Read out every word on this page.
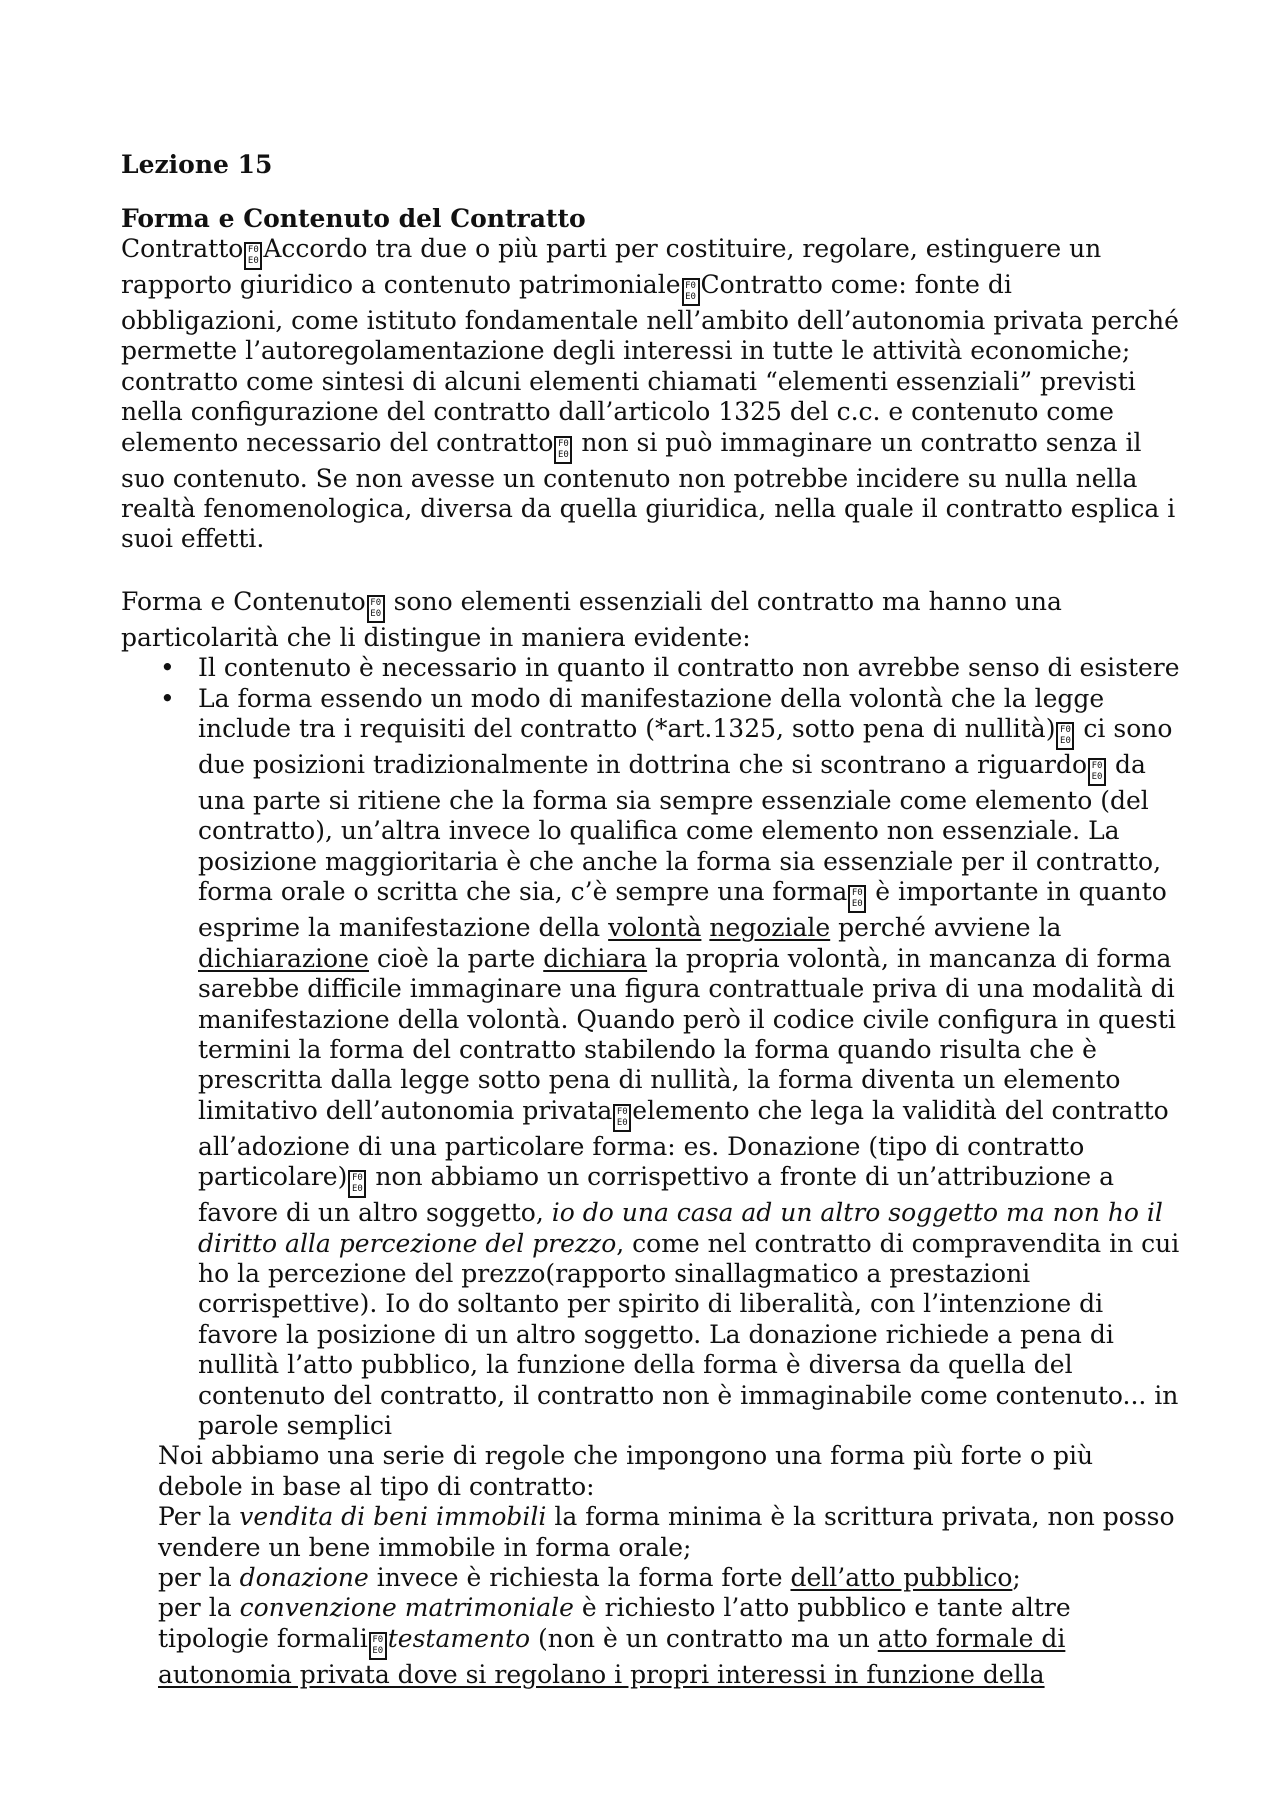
Lezione 15

Forma e Contenuto del Contratto

Contratto F0
E0 Accordo tra due o più parti per costituire, regolare, estinguere un rapporto giuridico a contenuto patrimoniale F0
E0 Contratto come: fonte di obbligazioni, come istituto fondamentale nell’ambito dell’autonomia privata perché permette l’autoregolamentazione degli interessi in tutte le attività economiche; contratto come sintesi di alcuni elementi chiamati “elementi essenziali” previsti nella configurazione del contratto dall’articolo 1325 del c.c. e contenuto come elemento necessario del contratto F0
E0 non si può immaginare un contratto senza il suo contenuto. Se non avesse un contenuto non potrebbe incidere su nulla nella realtà fenomenologica, diversa da quella giuridica, nella quale il contratto esplica i suoi effetti.

Forma e Contenuto F0
E0 sono elementi essenziali del contratto ma hanno una particolarità che li distingue in maniera evidente:

• Il contenuto è necessario in quanto il contratto non avrebbe senso di esistere
• La forma essendo un modo di manifestazione della volontà che la legge include tra i requisiti del contratto (*art.1325, sotto pena di nullità) F0
E0 ci sono due posizioni tradizionalmente in dottrina che si scontrano a riguardo F0
E0 da una parte si ritiene che la forma sia sempre essenziale come elemento (del contratto), un’altra invece lo qualifica come elemento non essenziale. La posizione maggioritaria è che anche la forma sia essenziale per il contratto, forma orale o scritta che sia, c’è sempre una forma F0
E0 è importante in quanto esprime la manifestazione della volontà negoziale perché avviene la dichiarazione cioè la parte dichiara la propria volontà, in mancanza di forma sarebbe difficile immaginare una figura contrattuale priva di una modalità di manifestazione della volontà. Quando però il codice civile configura in questi termini la forma del contratto stabilendo la forma quando risulta che è prescritta dalla legge sotto pena di nullità, la forma diventa un elemento limitativo dell’autonomia privata F0
E0 elemento che lega la validità del contratto all’adozione di una particolare forma: es. Donazione (tipo di contratto particolare) F0
E0 non abbiamo un corrispettivo a fronte di un’attribuzione a favore di un altro soggetto, io do una casa ad un altro soggetto ma non ho il diritto alla percezione del prezzo, come nel contratto di compravendita in cui ho la percezione del prezzo(rapporto sinallagmatico a prestazioni corrispettive). Io do soltanto per spirito di liberalità, con l’intenzione di favore la posizione di un altro soggetto. La donazione richiede a pena di nullità l’atto pubblico, la funzione della forma è diversa da quella del contenuto del contratto, il contratto non è immaginabile come contenuto... in parole semplici

Noi abbiamo una serie di regole che impongono una forma più forte o più debole in base al tipo di contratto:

Per la vendita di beni immobili la forma minima è la scrittura privata, non posso vendere un bene immobile in forma orale;

per la donazione invece è richiesta la forma forte dell’atto pubblico;

per la convenzione matrimoniale è richiesto l’atto pubblico e tante altre tipologie formali F0
E0 testamento (non è un contratto ma un atto formale di autonomia privata dove si regolano i propri interessi in funzione della
